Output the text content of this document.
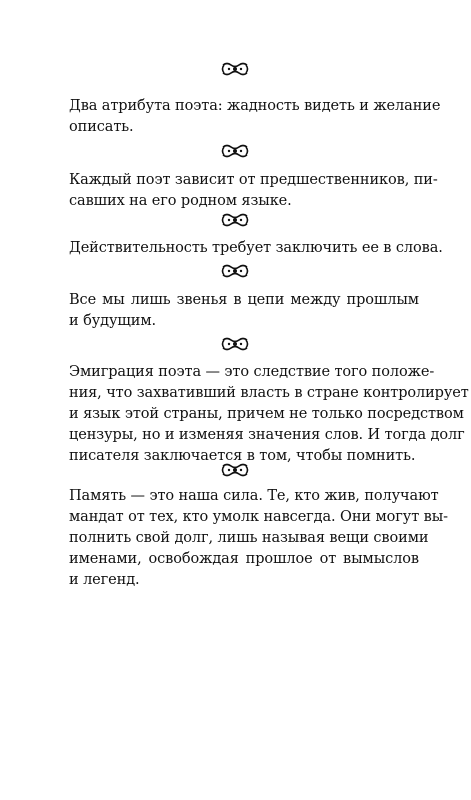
Два атрибута поэта: жадность видеть и желание
описать.
Каждый поэт зависит от предшественников, пи-
савших на его родном языке.
Действительность требует заключить ее в слова.
Все мы лишь звенья в цепи между прошлым
и будущим.
Эмиграция поэта — это следствие того положе-
ния, что захвативший власть в стране контролирует
и язык этой страны, причем не только посредством
цензуры, но и изменяя значения слов. И тогда долг
писателя заключается в том, чтобы помнить.
Память — это наша сила. Те, кто жив, получают
мандат от тех, кто умолк навсегда. Они могут вы-
полнить свой долг, лишь называя вещи своими
именами, освобождая прошлое от вымыслов
и легенд.
